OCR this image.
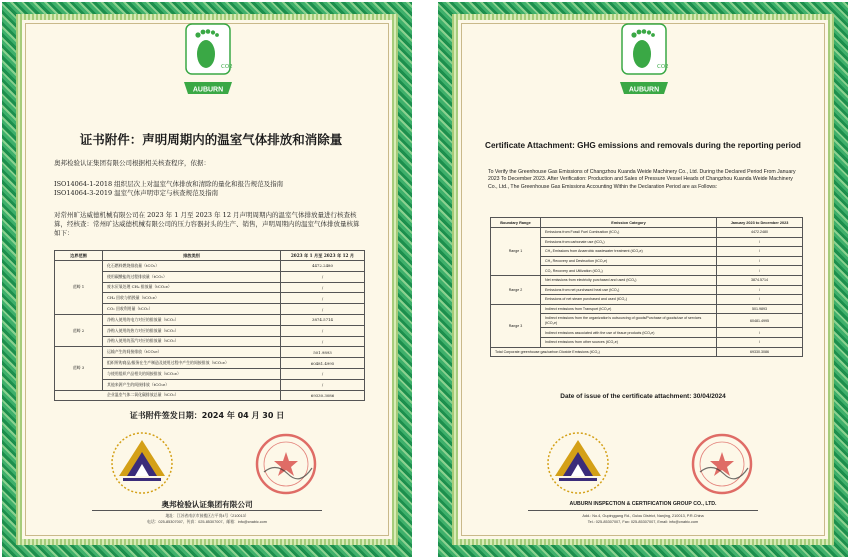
CO2
AUBURN
证书附件：声明周期内的温室气体排放和消除量
奥邦检验认证集团有限公司根据相关核查程序，依据：
ISO14064-1-2018 组织层次上对温室气体排放和清除的量化和报告规范及指南
ISO14064-3-2019 温室气体声明审定与核查规范及指南
对常州旷达威德机械有限公司在 2023 年 1 月至 2023 年 12 月声明周期内的温室气体排放量进行核查核算，经核查：常州旷达威德机械有限公司的压力容器封头的生产、销售，声明周期内的温室气体排放量核算如下：
边界范围	排放类别	2023 年 1 月至 2023 年 12 月
范畴 1	化石燃料燃烧排放量（tCO₂）	4472.2480
	使用碳酸盐的过程排放量（tCO₂）	/
	废水厌氧处理 CH₄ 排放量（tCO₂e）	/
	CH₄ 回收与销毁量（tCO₂e）	/
	CO₂ 回收利用量（tCO₂）	/
范畴 2	净购入使用的电力对应的排放量（tCO₂）	3874.5714
	净购入使用的热力对应的排放量（tCO₂）	/
	净购入使用的蒸汽对应的排放量（tCO₂）	/
范畴 3	运输产生的间接排放（tCO₂e）	501.9893
	组织所购商品/服务在生产制造及使用过程中产生的间接排放（tCO₂e）	60481.4995
	与使用组织产品相关的间接排放（tCO₂e）	/
	其他来源产生的间接排放（tCO₂e）	/
企业温室气体二氧化碳排放总量（tCO₂）		69330.3086
证书附件签发日期：2024 年 04 月 30 日
奥邦检验认证集团有限公司
地址：江苏省南京市鼓楼区古平岗4号（210013）
电话：025-85307007、传真：025-85307007、邮箱：info@cnabic.com
CO2
AUBURN
Certificate Attachment: GHG emissions and removals during the reporting period
To Verify the Greenhouse Gas Emissions of Changzhou Kuanda Weide Machinery Co., Ltd. During the Declared Period From January 2023 To December 2023. After Verification: Production and Sales of Pressure Vessel Heads of Changzhou Kuanda Weide Machinery Co., Ltd., The Greenhouse Gas Emissions Accounting Within the Declaration Period are as Follows:
Boundary Range	Emission Category	January 2023 to December 2023
Range 1	Emissions from Fossil Fuel Combustion (tCO₂)	4472.2480
	Emissions from carbonate use (tCO₂)	/
	CH₄ Emissions from Anaerobic wastewater treatment (tCO₂e)	/
	CH₄ Recovery and Destruction (tCO₂e)	/
	CO₂ Recovery and Utilization (tCO₂)	/
Range 2	Net emissions from electricity purchased and used (tCO₂)	3874.5714
	Emissions from net purchased heat use (tCO₂)	/
	Emissions of net steam purchased and used (tCO₂)	/
Range 3	Indirect emissions from Transport (tCO₂e)	501.9893
	Indirect emissions from the organization's outsourcing of goods/Purchase of goods/use of services (tCO₂e)	60481.4995
	Indirect emissions associated with the use of tissue products (tCO₂e)	/
	Indirect emissions from other sources (tCO₂e)	/
Total Corporate greenhouse gas/carbon Dioxide Emissions (tCO₂)		69330.3086
Date of issue of the certificate attachment: 30/04/2024
AUBURN INSPECTION & CERTIFICATION GROUP CO., LTD.
Add.: No.4, Gupinggang Rd., Gulou District, Nanjing, 210013, P.R.China
Tel.: 025-85307007, Fax: 025-85307007, Email: info@cnabic.com
